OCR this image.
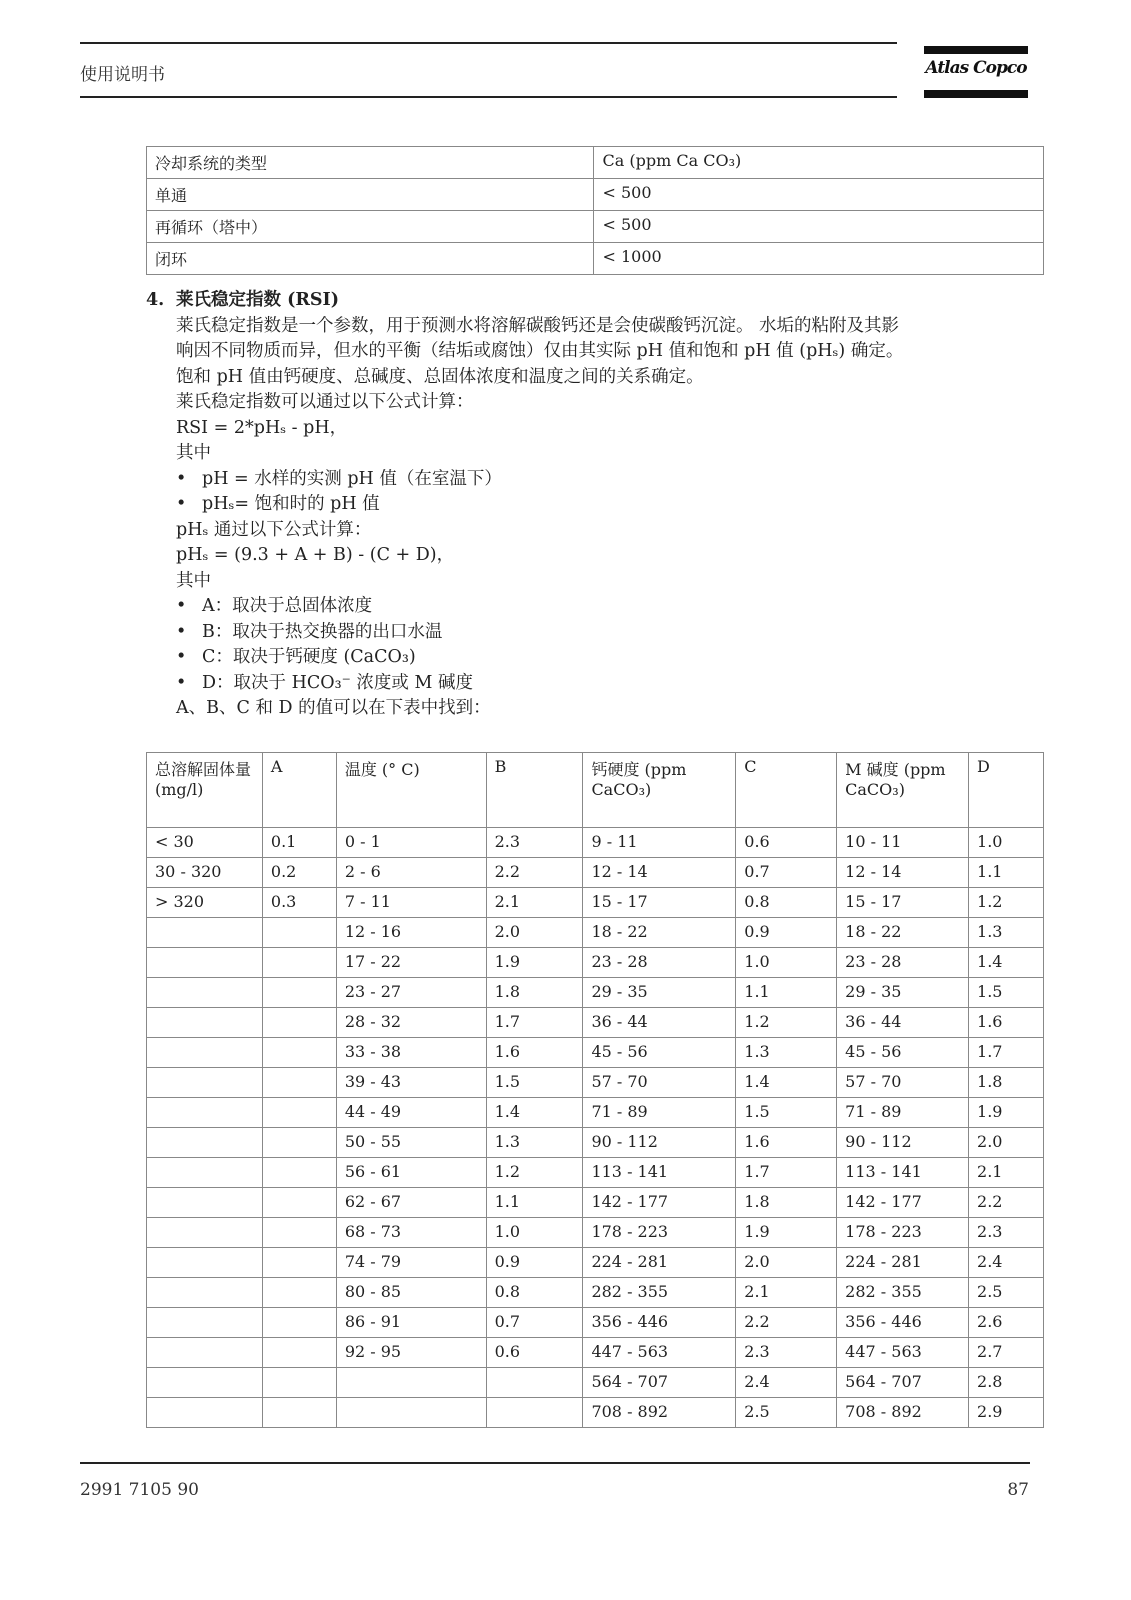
使用说明书	Atlas Copco
冷却系统的类型	Ca (ppm Ca CO₃)
单通	< 500
再循环（塔中）	< 500
闭环	< 1000
4. 莱氏稳定指数 (RSI)
莱氏稳定指数是一个参数，用于预测水将溶解碳酸钙还是会使碳酸钙沉淀。 水垢的粘附及其影
响因不同物质而异，但水的平衡（结垢或腐蚀）仅由其实际 pH 值和饱和 pH 值 (pHₛ) 确定。
饱和 pH 值由钙硬度、总碱度、总固体浓度和温度之间的关系确定。
莱氏稳定指数可以通过以下公式计算：
RSI = 2*pHₛ - pH，
其中
• pH = 水样的实测 pH 值（在室温下）
• pHₛ= 饱和时的 pH 值
pHₛ 通过以下公式计算：
pHₛ = (9.3 + A + B) - (C + D)，
其中
• A：取决于总固体浓度
• B：取决于热交换器的出口水温
• C：取决于钙硬度 (CaCO₃)
• D：取决于 HCO₃⁻ 浓度或 M 碱度
A、B、C 和 D 的值可以在下表中找到：
总溶解固体量
(mg/l)	A	温度 (° C)	B	钙硬度 (ppm CaCO₃)	C	M 碱度 (ppm CaCO₃)	D
< 30	0.1	0 - 1	2.3	9 - 11	0.6	10 - 11	1.0
30 - 320	0.2	2 - 6	2.2	12 - 14	0.7	12 - 14	1.1
> 320	0.3	7 - 11	2.1	15 - 17	0.8	15 - 17	1.2
		12 - 16	2.0	18 - 22	0.9	18 - 22	1.3
		17 - 22	1.9	23 - 28	1.0	23 - 28	1.4
		23 - 27	1.8	29 - 35	1.1	29 - 35	1.5
		28 - 32	1.7	36 - 44	1.2	36 - 44	1.6
		33 - 38	1.6	45 - 56	1.3	45 - 56	1.7
		39 - 43	1.5	57 - 70	1.4	57 - 70	1.8
		44 - 49	1.4	71 - 89	1.5	71 - 89	1.9
		50 - 55	1.3	90 - 112	1.6	90 - 112	2.0
		56 - 61	1.2	113 - 141	1.7	113 - 141	2.1
		62 - 67	1.1	142 - 177	1.8	142 - 177	2.2
		68 - 73	1.0	178 - 223	1.9	178 - 223	2.3
		74 - 79	0.9	224 - 281	2.0	224 - 281	2.4
		80 - 85	0.8	282 - 355	2.1	282 - 355	2.5
		86 - 91	0.7	356 - 446	2.2	356 - 446	2.6
		92 - 95	0.6	447 - 563	2.3	447 - 563	2.7
				564 - 707	2.4	564 - 707	2.8
				708 - 892	2.5	708 - 892	2.9
2991 7105 90	87
